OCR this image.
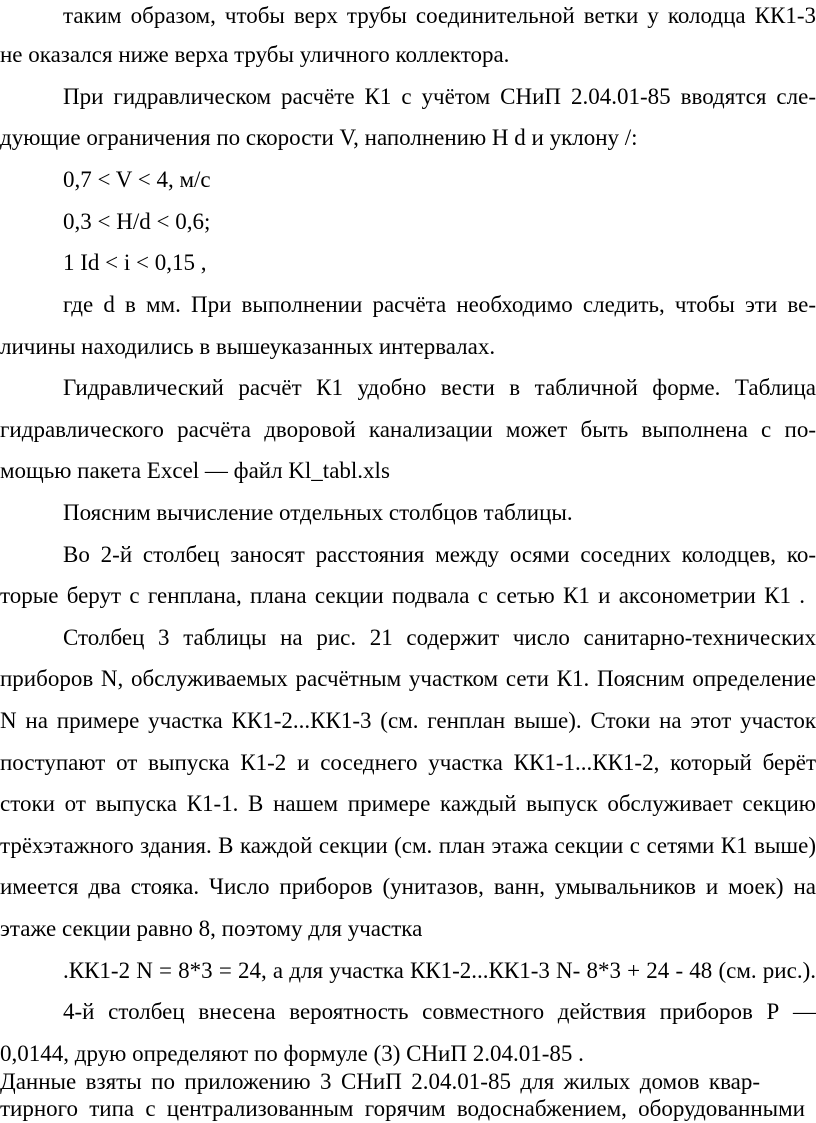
таким образом, чтобы верх трубы соединительной ветки у колодца КК1-3
не оказался ниже верха трубы уличного коллектора.
При гидравлическом расчёте К1 с учётом СНиП 2.04.01-85 вводятся сле-
дующие ограничения по скорости V, наполнению H d и уклону /:
0,7 < V < 4, м/с
0,3 < H/d < 0,6;
1 Id < i < 0,15 ,
где d в мм. При выполнении расчёта необходимо следить, чтобы эти ве-
личины находились в вышеуказанных интервалах.
Гидравлический расчёт К1 удобно вести в табличной форме. Таблица
гидравлического расчёта дворовой канализации может быть выполнена с по-
мощью пакета Excel — файл Kl_tabl.xls
Поясним вычисление отдельных столбцов таблицы.
Во 2-й столбец заносят расстояния между осями соседних колодцев, ко-
торые берут с генплана, плана секции подвала с сетью К1 и аксонометрии К1 .
Столбец 3 таблицы на рис. 21 содержит число санитарно-технических
приборов N, обслуживаемых расчётным участком сети К1. Поясним определение
N на примере участка КК1-2...КК1-3 (см. генплан выше). Стоки на этот участок
поступают от выпуска К1-2 и соседнего участка КК1-1...КК1-2, который берёт
стоки от выпуска К1-1. В нашем примере каждый выпуск обслуживает секцию
трёхэтажного здания. В каждой секции (см. план этажа секции с сетями К1 выше)
имеется два стояка. Число приборов (унитазов, ванн, умывальников и моек) на
этаже секции равно 8, поэтому для участка
.КК1-2 N = 8*3 = 24, а для участка КК1-2...КК1-3 N- 8*3 + 24 - 48 (см. рис.).
4-й столбец внесена вероятность совместного действия приборов Р —
0,0144, друю определяют по формуле (3) СНиП 2.04.01-85 .
Данные взяты по приложению 3 СНиП 2.04.01-85 для жилых домов квар-
тирного типа с централизованным горячим водоснабжением, оборудованными
